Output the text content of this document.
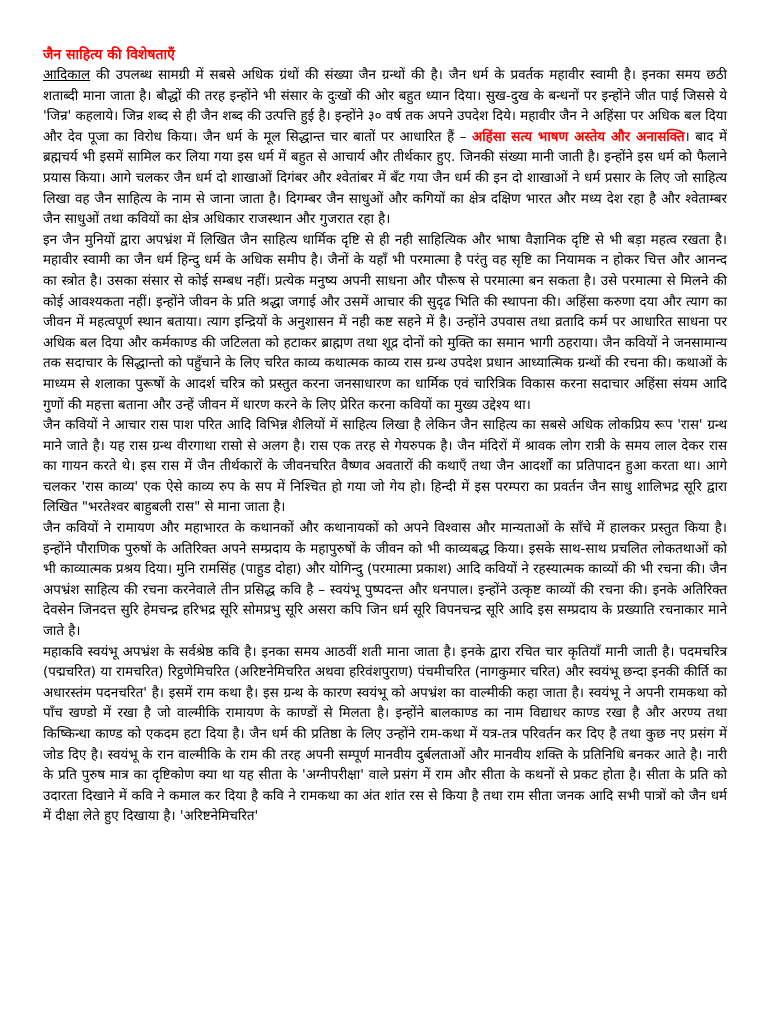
जैन साहित्य की विशेषताएँ

आदिकाल की उपलब्ध सामग्री में सबसे अधिक ग्रंथों की संख्या जैन ग्रन्थों की है। जैन धर्म के प्रवर्तक महावीर स्वामी है। इनका समय छठी शताब्दी माना जाता है। बौद्धों की तरह इन्होंने भी संसार के दुःखों की ओर बहुत ध्यान दिया। सुख-दुख के बन्धनों पर इन्होंने जीत पाई जिससे ये 'जिन्र' कहलाये। जिन्र शब्द से ही जैन शब्द की उत्पत्ति हुई है। इन्होंने ३० वर्ष तक अपने उपदेश दिये। महावीर जैन ने अहिंसा पर अधिक बल दिया और देव पूजा का विरोध किया। जैन धर्म के मूल सिद्धान्त चार बातों पर आधारित हैं – अहिंसा सत्य भाषण अस्तेय और अनासक्ति। बाद में ब्रह्मचर्य भी इसमें सामिल कर लिया गया इस धर्म में बहुत से आचार्य और तीर्थकार हुए. जिनकी संख्या मानी जाती है। इन्होंने इस धर्म को फैलाने प्रयास किया। आगे चलकर जैन धर्म दो शाखाओं दिगंबर और श्वेतांबर में बँट गया जैन धर्म की इन दो शाखाओं ने धर्म प्रसार के लिए जो साहित्य लिखा वह जैन साहित्य के नाम से जाना जाता है। दिगम्बर जैन साधुओं और कगियों का क्षेत्र दक्षिण भारत और मध्य देश रहा है और श्वेताम्बर जैन साधुओं तथा कवियों का क्षेत्र अधिकार राजस्थान और गुजरात रहा है।

इन जैन मुनियों द्वारा अपभ्रंश में लिखित जैन साहित्य धार्मिक दृष्टि से ही नही साहित्यिक और भाषा वैज्ञानिक दृष्टि से भी बड़ा महत्व रखता है। महावीर स्वामी का जैन धर्म हिन्दु धर्म के अधिक समीप है। जैनों के यहाँ भी परमात्मा है परंतु वह सृष्टि का नियामक न होकर चित्त और आनन्द का स्त्रोत है। उसका संसार से कोई सम्बध नहीं। प्रत्येक मनुष्य अपनी साधना और पौरूष से परमात्मा बन सकता है। उसे परमात्मा से मिलने की कोई आवश्यकता नहीं। इन्होंने जीवन के प्रति श्रद्धा जगाई और उसमें आचार की सुदृढ भिति की स्थापना की। अहिंसा करुणा दया और त्याग का जीवन में महत्वपूर्ण स्थान बताया। त्याग इन्द्रियों के अनुशासन में नही कष्ट सहने में है। उन्होंने उपवास तथा व्रतादि कर्म पर आधारित साधना पर अधिक बल दिया और कर्मकाण्ड की जटिलता को हटाकर ब्राह्मण तथा शूद्र दोनों को मुक्ति का समान भागी ठहराया। जैन कवियों ने जनसामान्य तक सदाचार के सिद्धान्तो को पहुँचाने के लिए चरित काव्य कथात्मक काव्य रास ग्रन्थ उपदेश प्रधान आध्यात्मिक ग्रन्थों की रचना की। कथाओं के माध्यम से शलाका पुरूषों के आदर्श चरित्र को प्रस्तुत करना जनसाधारण का धार्मिक एवं चारित्रिक विकास करना सदाचार अहिंसा संयम आदि गुणों की महत्ता बताना और उन्हें जीवन में धारण करने के लिए प्रेरित करना कवियों का मुख्य उद्देश्य था।

जैन कवियों ने आचार रास पाश परित आदि विभिन्न शैलियों में साहित्य लिखा है लेकिन जैन साहित्य का सबसे अधिक लोकप्रिय रूप 'रास' ग्रन्थ माने जाते है। यह रास ग्रन्थ वीरगाथा रासो से अलग है। रास एक तरह से गेयरुपक है। जैन मंदिरों में श्रावक लोग रात्री के समय लाल देकर रास का गायन करते थे। इस रास में जैन तीर्थकारों के जीवनचरित वैष्णव अवतारों की कथाएँ तथा जैन आदर्शों का प्रतिपादन हुआ करता था। आगे चलकर 'रास काव्य' एक ऐसे काव्य रुप के सप में निश्चित हो गया जो गेय हो। हिन्दी में इस परम्परा का प्रवर्तन जैन साधु शालिभद्र सूरि द्वारा लिखित "भरतेश्वर बाहुबली रास" से माना जाता है।

जैन कवियों ने रामायण और महाभारत के कथानकों और कथानायकों को अपने विश्वास और मान्यताओं के साँचे में हालकर प्रस्तुत किया है। इन्होंने पौराणिक पुरुषों के अतिरिक्त अपने सम्प्रदाय के महापुरुषों के जीवन को भी काव्यबद्ध किया। इसके साथ-साथ प्रचलित लोकतथाओं को भी काव्यात्मक प्रश्रय दिया। मुनि रामसिंह (पाहुड दोहा) और योगिन्दु (परमात्मा प्रकाश) आदि कवियों ने रहस्यात्मक काव्यों की भी रचना की। जैन अपभ्रंश साहित्य की रचना करनेवाले तीन प्रसिद्ध कवि है – स्वयंभू पुष्पदन्त और धनपाल। इन्होंने उत्कृष्ट काव्यों की रचना की। इनके अतिरिक्त देवसेन जिनदत्त सुरि हेमचन्द्र हरिभद्र सूरि सोमप्रभु सूरि असरा कपि जिन धर्म सूरि विपनचन्द्र सूरि आदि इस सम्प्रदाय के प्रख्याति रचनाकार माने जाते है।

महाकवि स्वयंभू अपभ्रंश के सर्वश्रेष्ठ कवि है। इनका समय आठवीं शती माना जाता है। इनके द्वारा रचित चार कृतियाँ मानी जाती है। पदमचरित्र (पद्मचरित) या रामचरित) रिट्ठणेमिचरित (अरिष्टनेमिचरित अथवा हरिवंशपुराण) पंचमीचरित (नागकुमार चरित) और स्वयंभू छन्दा इनकी कीर्ति का अधारस्तंम पदनचरित' है। इसमें राम कथा है। इस ग्रन्थ के कारण स्वयंभू को अपभ्रंश का वाल्मीकी कहा जाता है। स्वयंभू ने अपनी रामकथा को पाँच खण्डो में रखा है जो वाल्मीकि रामायण के काण्डों से मिलता है। इन्होंने बालकाण्ड का नाम विद्याधर काण्ड रखा है और अरण्य तथा किष्किन्धा काण्ड को एकदम हटा दिया है। जैन धर्म की प्रतिष्ठा के लिए उन्होंने राम-कथा में यत्र-तत्र परिवर्तन कर दिए है तथा कुछ नए प्रसंग में जोड दिए है। स्वयंभू के रान वाल्मीकि के राम की तरह अपनी सम्पूर्ण मानवीय दुर्बलताओं और मानवीय शक्ति के प्रतिनिधि बनकर आते है। नारी के प्रति पुरुष मात्र का दृष्टिकोण क्या था यह सीता के 'अग्नीपरीक्षा' वाले प्रसंग में राम और सीता के कथनों से प्रकट होता है। सीता के प्रति को उदारता दिखाने में कवि ने कमाल कर दिया है कवि ने रामकथा का अंत शांत रस से किया है तथा राम सीता जनक आदि सभी पात्रों को जैन धर्म में दीक्षा लेते हुए दिखाया है। 'अरिष्टनेमिचरित'
